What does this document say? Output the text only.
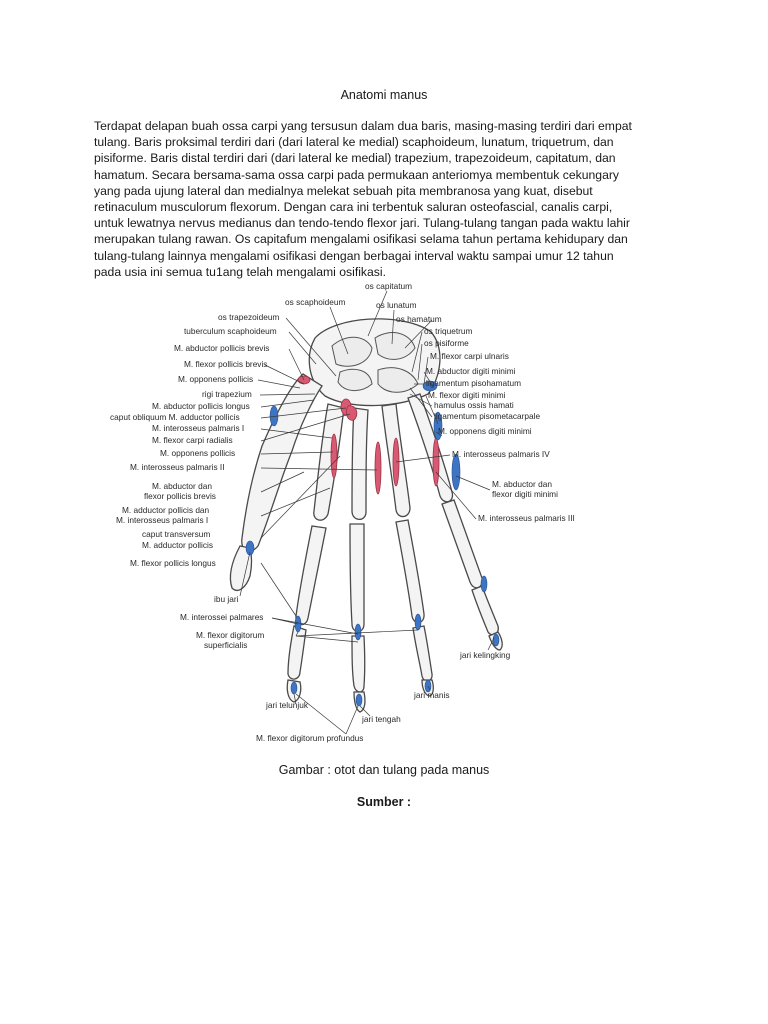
Anatomi manus
Terdapat delapan buah ossa carpi yang tersusun dalam dua baris, masing-masing terdiri dari empat
tulang. Baris proksimal terdiri dari (dari lateral ke medial) scaphoideum, lunatum, triquetrum, dan
pisiforme. Baris distal terdiri dari (dari lateral ke medial) trapezium, trapezoideum, capitatum, dan
hamatum. Secara bersama-sama ossa carpi pada permukaan anteriomya membentuk cekungary
yang pada ujung lateral dan medialnya melekat sebuah pita membranosa yang kuat, disebut
retinaculum musculorum flexorum. Dengan cara ini terbentuk saluran osteofascial, canalis carpi,
untuk lewatnya nervus medianus dan tendo-tendo flexor jari. Tulang-tulang tangan pada waktu lahir
merupakan tulang rawan. Os capitafum mengalami osifikasi selama tahun pertama kehidupary dan
tulang-tulang lainnya mengalami osifikasi dengan berbagai interval waktu sampai umur 12 tahun
pada usia ini semua tu1ang telah mengalami osifikasi.
os capitatum
os scaphoideum	os lunatum
os trapezoideum
tuberculum scaphoideum
M. abductor pollicis brevis
M. flexor pollicis brevis
M. opponens pollicis
rigi trapezium
M. abductor pollicis longus
caput obliquum M. adductor pollicis
M. interosseus palmaris I
M. flexor carpi radialis
M. opponens pollicis
M. interosseus palmaris II
M. abductor dan
flexor pollicis brevis
M. adductor pollicis dan
M. interosseus palmaris I
caput transversum
M. adductor pollicis
M. flexor pollicis longus
os hamatum
os triquetrum
os pisiforme
M. flexor carpi ulnaris
M. abductor digiti minimi
ligamentum pisohamatum
M. flexor digiti minimi
hamulus ossis hamati
ligamentum pisometacarpale
M. opponens digiti minimi
M. interosseus palmaris IV
M. abductor dan
flexor digiti minimi
M. interosseus palmaris III
ibu jari
M. interossei palmares
M. flexor digitorum
superficialis
jari kelingking
jari manis
jari telunjuk
jari tengah
M. flexor digitorum profundus
Gambar : otot dan tulang pada manus
Sumber :
